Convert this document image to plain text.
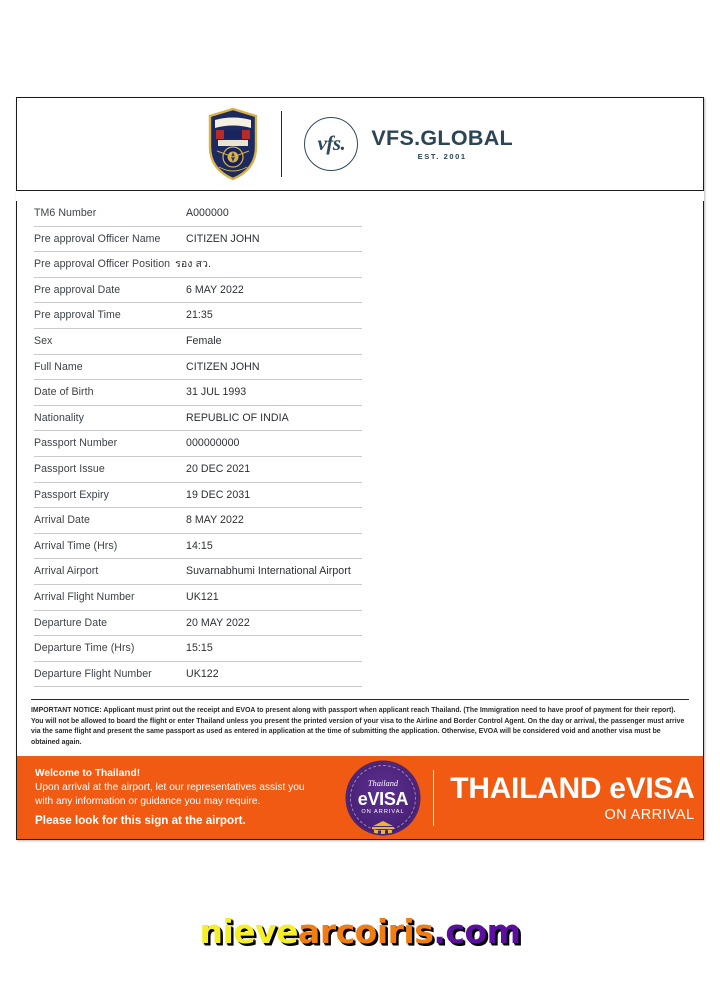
vfs. VFS.GLOBAL
EST. 2001
TM6 Number	A000000
Pre approval Officer Name	CITIZEN JOHN
Pre approval Officer Position รอง สว.
Pre approval Date	6 MAY 2022
Pre approval Time	21:35
Sex	Female
Full Name	CITIZEN JOHN
Date of Birth	31 JUL 1993
Nationality	REPUBLIC OF INDIA
Passport Number	000000000
Passport Issue	20 DEC 2021
Passport Expiry	19 DEC 2031
Arrival Date	8 MAY 2022
Arrival Time (Hrs)	14:15
Arrival Airport	Suvarnabhumi International Airport
Arrival Flight Number	UK121
Departure Date	20 MAY 2022
Departure Time (Hrs)	15:15
Departure Flight Number	UK122
IMPORTANT NOTICE: Applicant must print out the receipt and EVOA to present along with passport when applicant reach Thailand. (The Immigration need to have proof of payment for their report). You will not be allowed to board the flight or enter Thailand unless you present the printed version of your visa to the Airline and Border Control Agent. On the day or arrival, the passenger must arrive via the same flight and present the same passport as used as entered in application at the time of submitting the application. Otherwise, EVOA will be considered void and another visa must be obtained again.
Welcome to Thailand!
Upon arrival at the airport, let our representatives assist you with any information or guidance you may require.
Please look for this sign at the airport.
Thailand
eVISA
ON ARRIVAL
THAILAND eVISA
ON ARRIVAL
nievearcoiris.com
